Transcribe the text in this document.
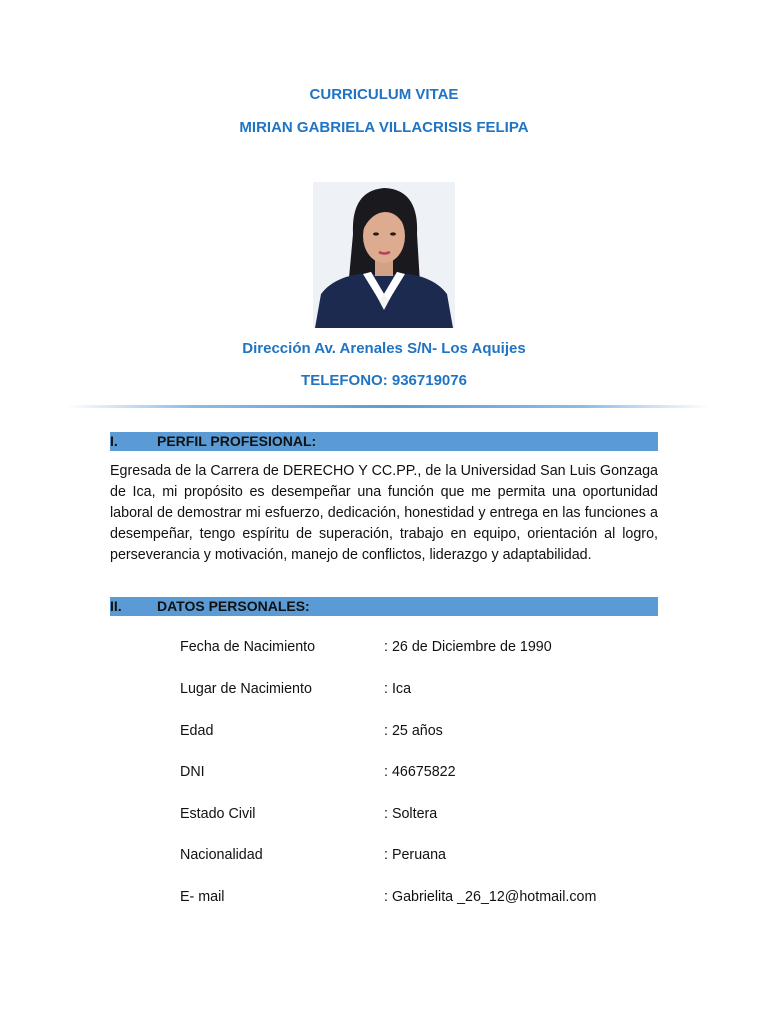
CURRICULUM VITAE
MIRIAN GABRIELA VILLACRISIS FELIPA
Dirección Av. Arenales S/N- Los Aquijes
TELEFONO: 936719076
I.	PERFIL PROFESIONAL:

Egresada de la Carrera de DERECHO Y CC.PP., de la Universidad San Luis Gonzaga de Ica, mi propósito es desempeñar una función que me permita una oportunidad laboral de demostrar mi esfuerzo, dedicación, honestidad y entrega en las funciones a desempeñar, tengo espíritu de superación, trabajo en equipo, orientación al logro, perseverancia y motivación, manejo de conflictos, liderazgo y adaptabilidad.

II.	DATOS PERSONALES:
Fecha de Nacimiento	: 26 de Diciembre de 1990
Lugar de Nacimiento	: Ica
Edad	: 25 años
DNI	: 46675822
Estado Civil	: Soltera
Nacionalidad	: Peruana
E- mail	: Gabrielita _26_12@hotmail.com
